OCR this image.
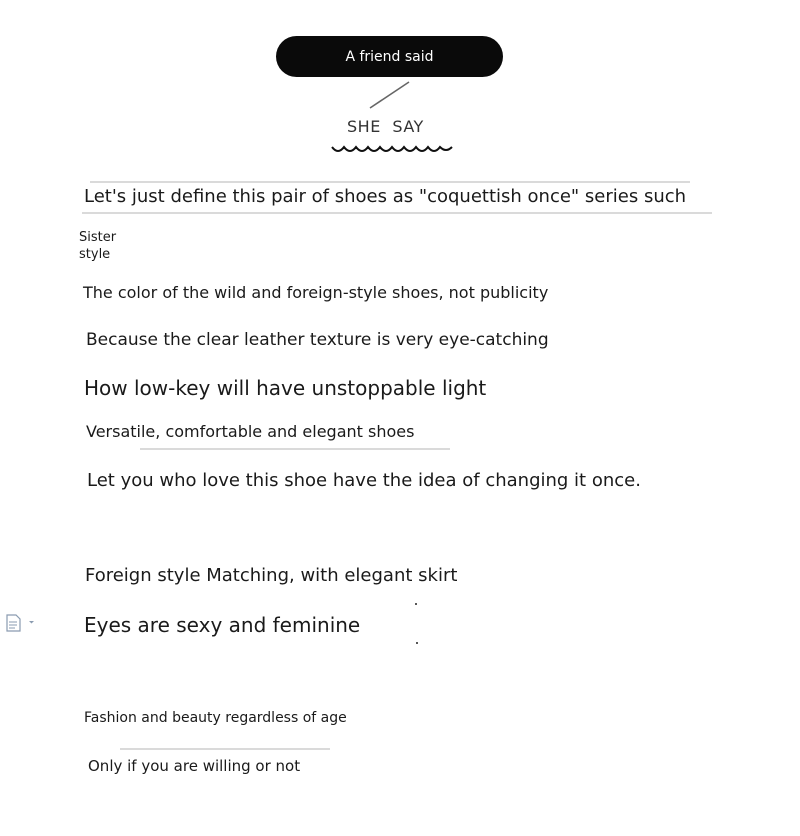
A friend said
SHE SAY
Let's just define this pair of shoes as "coquettish once" series such
Sister style
The color of the wild and foreign-style shoes, not publicity
Because the clear leather texture is very eye-catching
How low-key will have unstoppable light
Versatile, comfortable and elegant shoes
Let you who love this shoe have the idea of changing it once.
Foreign style Matching, with elegant skirt
Eyes are sexy and feminine
Fashion and beauty regardless of age
Only if you are willing or not
